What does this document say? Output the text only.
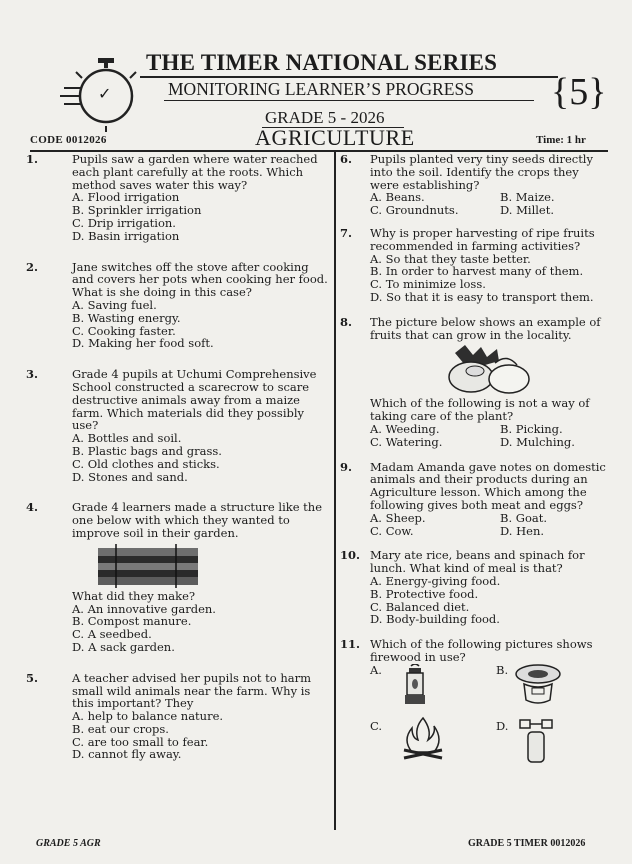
✓
THE TIMER NATIONAL SERIES
MONITORING LEARNER’S PROGRESS
GRADE 5 - 2026
{5}
CODE 0012026	AGRICULTURE	Time: 1 hr
1.	Pupils saw a garden where water reached each plant carefully at the roots. Which method saves water this way?

A. Flood irrigation

B. Sprinkler irrigation

C. Drip irrigation.

D. Basin irrigation

2.	Jane switches off the stove after cooking and covers her pots when cooking her food. What is she doing in this case?

A. Saving fuel.

B. Wasting energy.

C. Cooking faster.

D. Making her food soft.

3.	Grade 4 pupils at Uchumi Comprehensive School constructed a scarecrow to scare destructive animals away from a maize farm. Which materials did they possibly use?

A. Bottles and soil.

B. Plastic bags and grass.

C. Old clothes and sticks.

D. Stones and sand.

4.	Grade 4 learners made a structure like the one below with which they wanted to improve soil in their garden.

What did they make?

A. An innovative garden.

B. Compost manure.

C. A seedbed.

D. A sack garden.

5.	A teacher advised her pupils not to harm small wild animals near the farm. Why is this important? They

A. help to balance nature.

B. eat our crops.

C. are too small to fear.

D. cannot fly away.

6. Pupils planted very tiny seeds directly into the soil. Identify the crops they were establishing?

A. Beans.	B. Maize.
C. Groundnuts.	D. Millet.
7. Why is proper harvesting of ripe fruits recommended in farming activities?

A. So that they taste better.

B. In order to harvest many of them.

C. To minimize loss.

D. So that it is easy to transport them.

8. The picture below shows an example of fruits that can grow in the locality.

Which of the following is not a way of taking care of the plant?

A. Weeding.	B. Picking.
C. Watering.	D. Mulching.
9. Madam Amanda gave notes on domestic animals and their products during an Agriculture lesson. Which among the following gives both meat and eggs?

A. Sheep.	B. Goat.
C. Cow.	D. Hen.
10. Mary ate rice, beans and spinach for lunch. What kind of meal is that?

A. Energy-giving food.

B. Protective food.

C. Balanced diet.

D. Body-building food.

11. Which of the following pictures shows firewood in use?

A.	B.
C.	D.
GRADE 5 AGR	GRADE 5 TIMER 0012026
